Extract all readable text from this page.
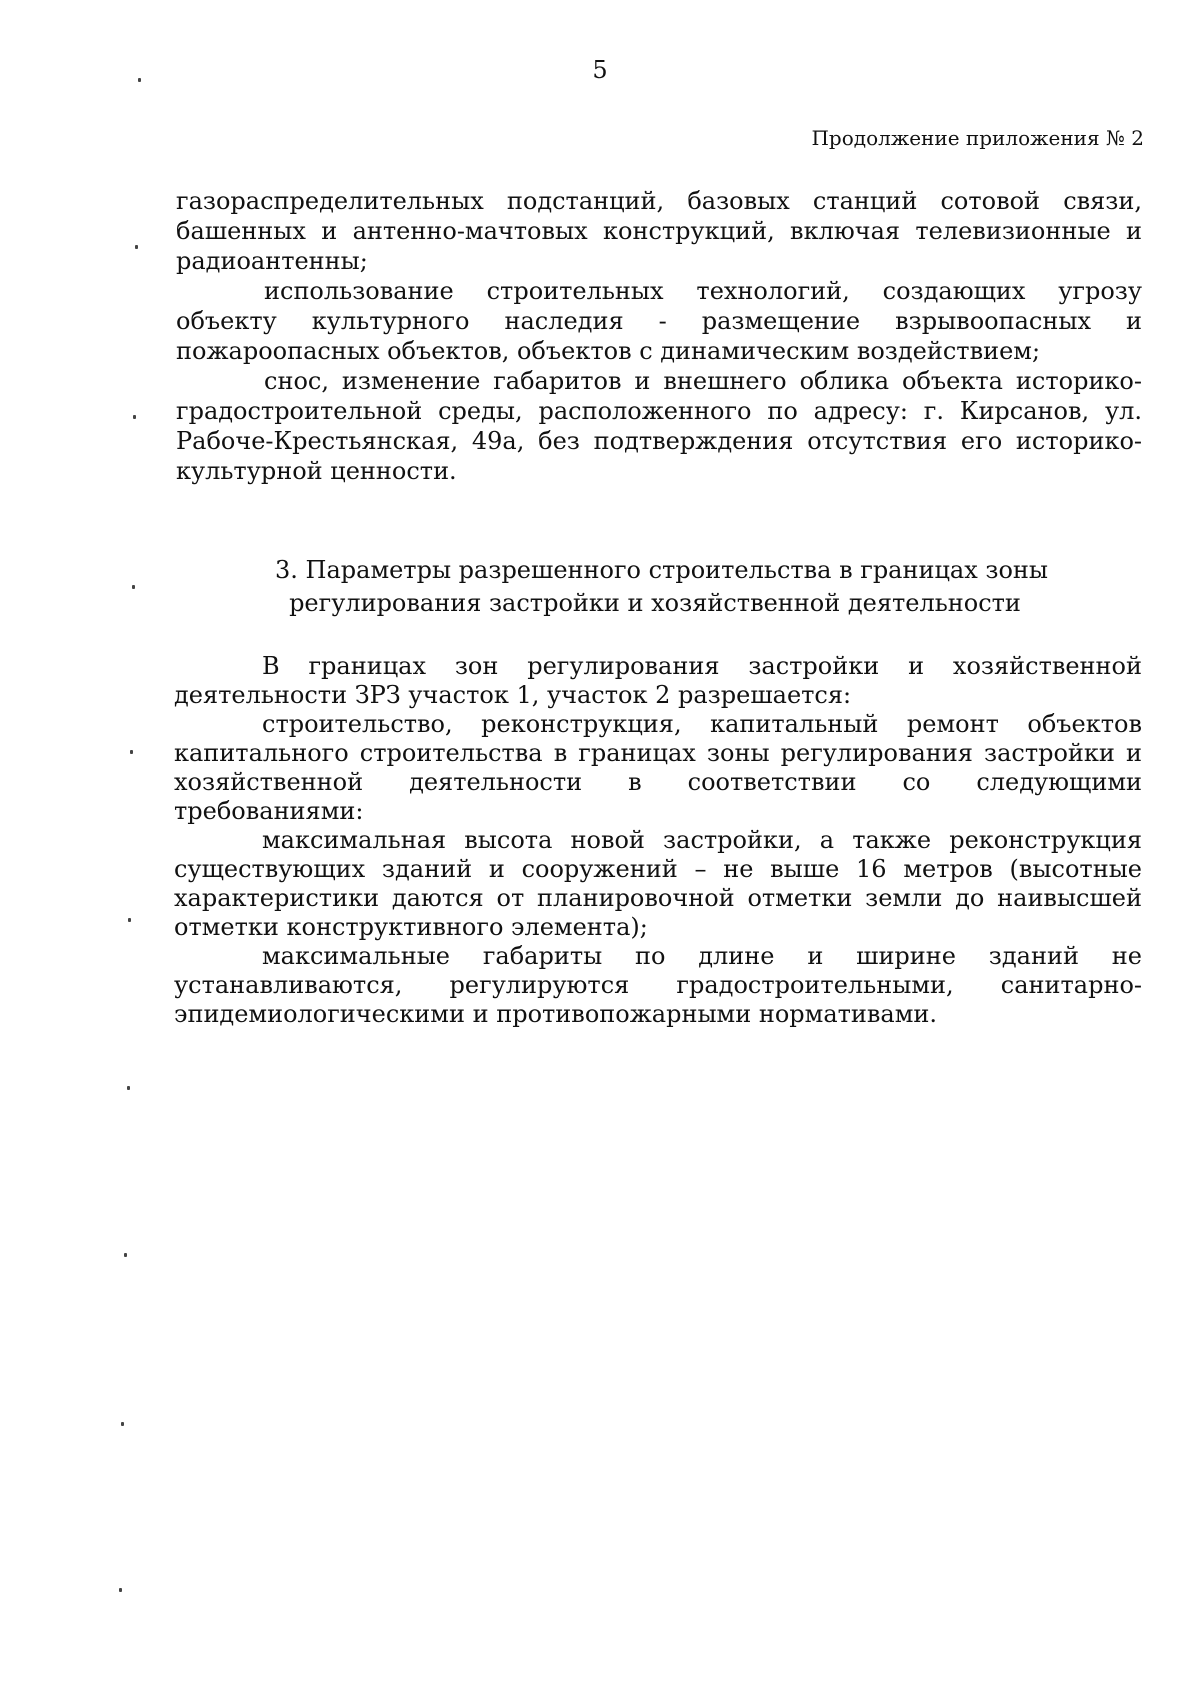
5
Продолжение приложения № 2

газораспределительных подстанций, базовых станций сотовой связи, башенных и антенно-мачтовых конструкций, включая телевизионные и радиоантенны;

использование строительных технологий, создающих угрозу объекту культурного наследия - размещение взрывоопасных и пожароопасных объектов, объектов с динамическим воздействием;

снос, изменение габаритов и внешнего облика объекта историко-градостроительной среды, расположенного по адресу: г. Кирсанов, ул. Рабоче-Крестьянская, 49а, без подтверждения отсутствия его историко-культурной ценности.

3. Параметры разрешенного строительства в границах зоны
регулирования застройки и хозяйственной деятельности

В границах зон регулирования застройки и хозяйственной деятельности ЗРЗ участок 1, участок 2 разрешается:

строительство, реконструкция, капитальный ремонт объектов капитального строительства в границах зоны регулирования застройки и хозяйственной деятельности в соответствии со следующими требованиями:

максимальная высота новой застройки, а также реконструкция существующих зданий и сооружений – не выше 16 метров (высотные характеристики даются от планировочной отметки земли до наивысшей отметки конструктивного элемента);

максимальные габариты по длине и ширине зданий не устанавливаются, регулируются градостроительными, санитарно-эпидемиологическими и противопожарными нормативами.
